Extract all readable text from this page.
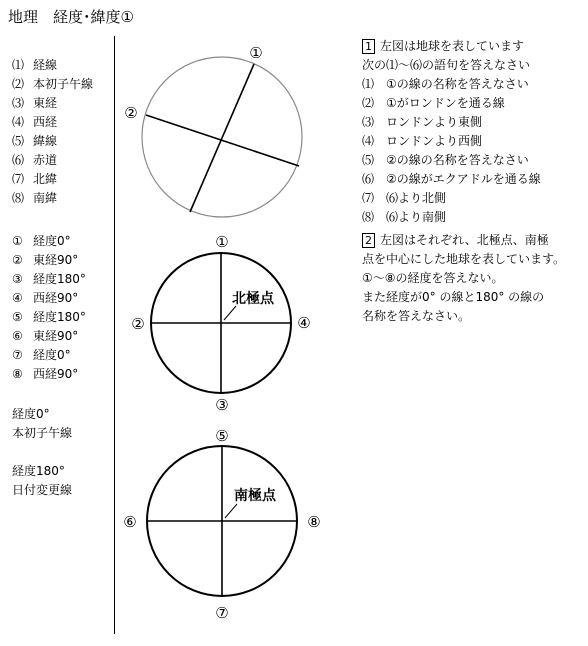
地理　経度･緯度①
⑴ 経線
⑵ 本初子午線
⑶ 東経
⑷ 西経
⑸ 緯線
⑹ 赤道
⑺ 北緯
⑻ 南緯
① 経度0°
② 東経90°
③ 経度180°
④ 西経90°
⑤ 経度180°
⑥ 東経90°
⑦ 経度0°
⑧ 西経90°
経度0°
本初子午線
経度180°
日付変更線
1 左図は地球を表しています
次の⑴～⑹の語句を答えなさい
⑴　①の線の名称を答えなさい
⑵　①がロンドンを通る線
⑶　ロンドンより東側
⑷　ロンドンより西側
⑸　②の線の名称を答えなさい
⑹　②の線がエクアドルを通る線
⑺　⑹より北側
⑻　⑹より南側
2 左図はそれぞれ、北極点、南極
点を中心にした地球を表しています。
①～⑧の経度を答えない。
また経度が0° の線と180° の線の
名称を答えなさい。
①
②
北極点
①
②
③
④
南極点
⑤
⑥
⑦
⑧
